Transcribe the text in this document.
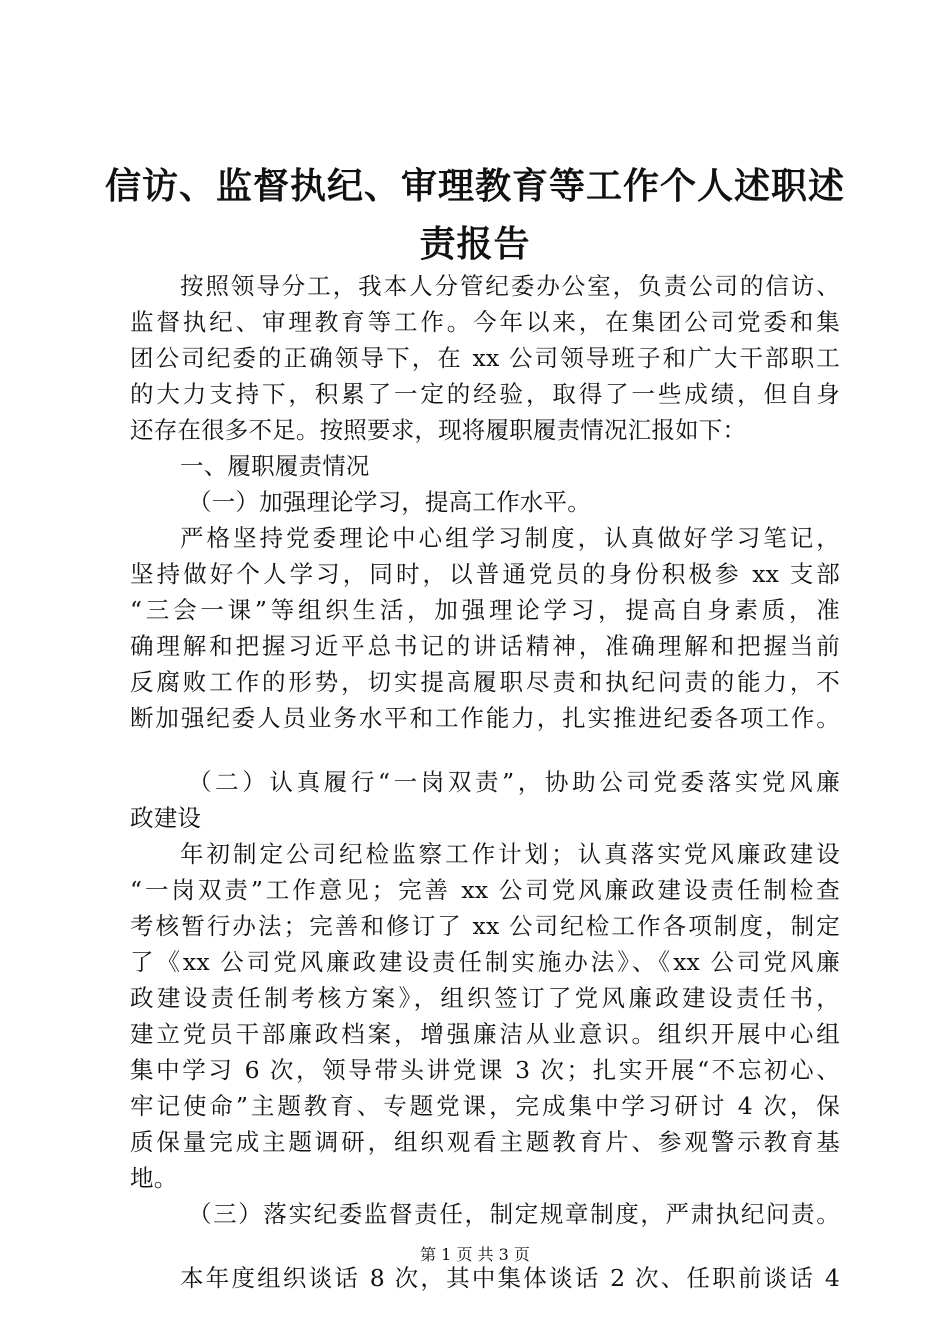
信访、监督执纪、审理教育等工作个人述职述
责报告
按照领导分工，我本人分管纪委办公室，负责公司的信访、
监督执纪、审理教育等工作。今年以来，在集团公司党委和集
团公司纪委的正确领导下，在 xx 公司领导班子和广大干部职工
的大力支持下，积累了一定的经验，取得了一些成绩，但自身
还存在很多不足。按照要求，现将履职履责情况汇报如下：
一、履职履责情况
（一）加强理论学习，提高工作水平。
严格坚持党委理论中心组学习制度，认真做好学习笔记，
坚持做好个人学习，同时，以普通党员的身份积极参 xx 支部
“三会一课”等组织生活，加强理论学习，提高自身素质，准
确理解和把握习近平总书记的讲话精神，准确理解和把握当前
反腐败工作的形势，切实提高履职尽责和执纪问责的能力，不
断加强纪委人员业务水平和工作能力，扎实推进纪委各项工作。
（二）认真履行“一岗双责”，协助公司党委落实党风廉
政建设
年初制定公司纪检监察工作计划；认真落实党风廉政建设
“一岗双责”工作意见；完善 xx 公司党风廉政建设责任制检查
考核暂行办法；完善和修订了 xx 公司纪检工作各项制度，制定
了《xx 公司党风廉政建设责任制实施办法》、《xx 公司党风廉
政建设责任制考核方案》，组织签订了党风廉政建设责任书，
建立党员干部廉政档案，增强廉洁从业意识。组织开展中心组
集中学习 6 次，领导带头讲党课 3 次；扎实开展“不忘初心、
牢记使命”主题教育、专题党课，完成集中学习研讨 4 次，保
质保量完成主题调研，组织观看主题教育片、参观警示教育基
地。
（三）落实纪委监督责任，制定规章制度，严肃执纪问责。
本年度组织谈话 8 次，其中集体谈话 2 次、任职前谈话 4
第 1 页 共 3 页
